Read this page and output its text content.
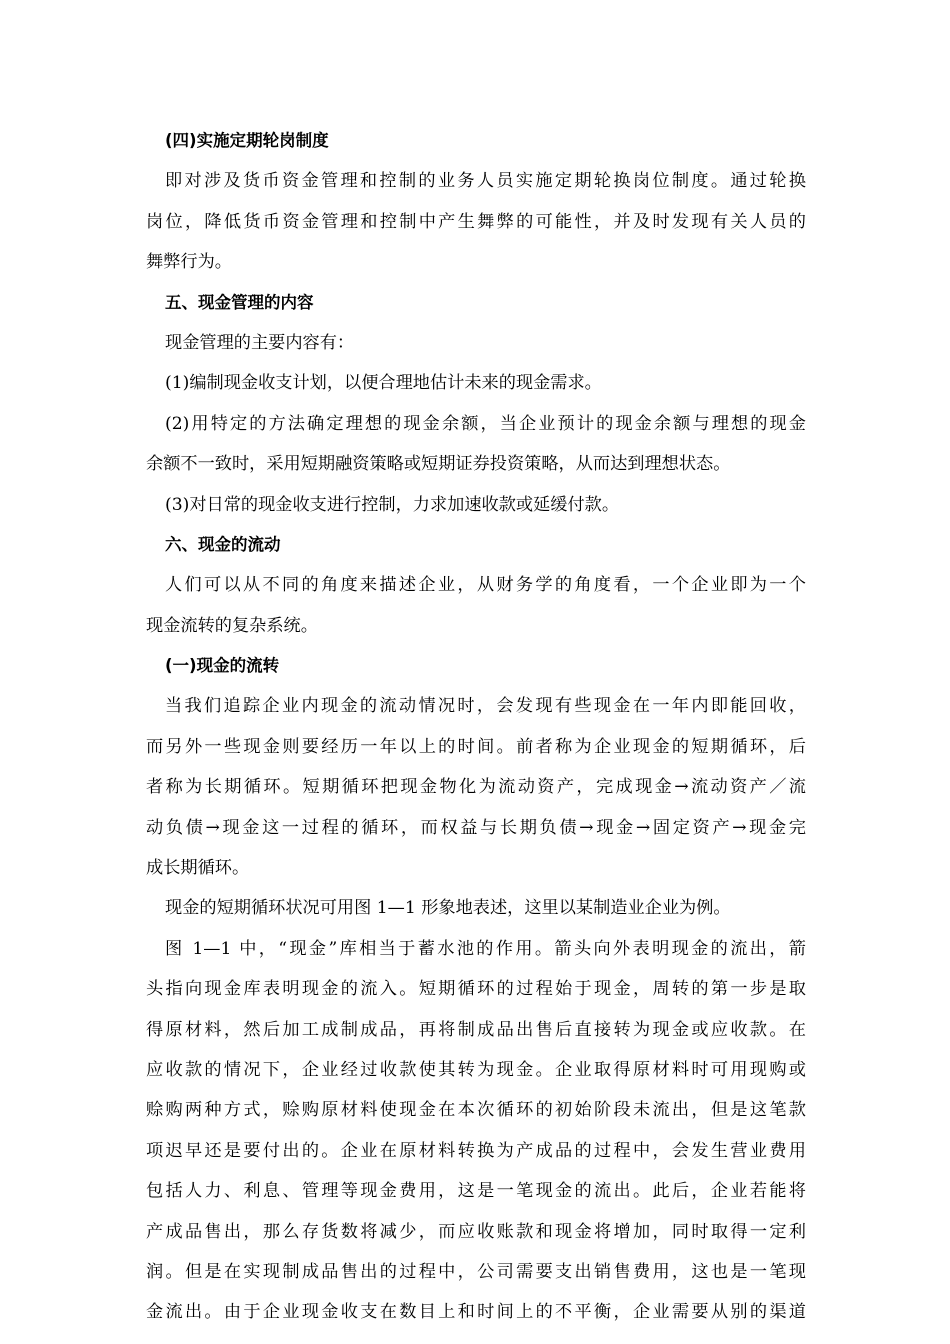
(四)实施定期轮岗制度

即对涉及货币资金管理和控制的业务人员实施定期轮换岗位制度。通过轮换

岗位，降低货币资金管理和控制中产生舞弊的可能性，并及时发现有关人员的

舞弊行为。

五、现金管理的内容

现金管理的主要内容有：

(1)编制现金收支计划，以便合理地估计未来的现金需求。

(2)用特定的方法确定理想的现金余额，当企业预计的现金余额与理想的现金

余额不一致时，采用短期融资策略或短期证券投资策略，从而达到理想状态。

(3)对日常的现金收支进行控制，力求加速收款或延缓付款。

六、现金的流动

人们可以从不同的角度来描述企业，从财务学的角度看，一个企业即为一个

现金流转的复杂系统。

(一)现金的流转

当我们追踪企业内现金的流动情况时，会发现有些现金在一年内即能回收，

而另外一些现金则要经历一年以上的时间。前者称为企业现金的短期循环，后

者称为长期循环。短期循环把现金物化为流动资产，完成现金→流动资产／流

动负债→现金这一过程的循环，而权益与长期负债→现金→固定资产→现金完

成长期循环。

现金的短期循环状况可用图 1—1 形象地表述，这里以某制造业企业为例。

图 1—1 中，“现金”库相当于蓄水池的作用。箭头向外表明现金的流出，箭

头指向现金库表明现金的流入。短期循环的过程始于现金，周转的第一步是取

得原材料，然后加工成制成品，再将制成品出售后直接转为现金或应收款。在

应收款的情况下，企业经过收款使其转为现金。企业取得原材料时可用现购或

赊购两种方式，赊购原材料使现金在本次循环的初始阶段未流出，但是这笔款

项迟早还是要付出的。企业在原材料转换为产成品的过程中，会发生营业费用

包括人力、利息、管理等现金费用，这是一笔现金的流出。此后，企业若能将

产成品售出，那么存货数将减少，而应收账款和现金将增加，同时取得一定利

润。但是在实现制成品售出的过程中，公司需要支出销售费用，这也是一笔现

金流出。由于企业现金收支在数目上和时间上的不平衡，企业需要从别的渠道
